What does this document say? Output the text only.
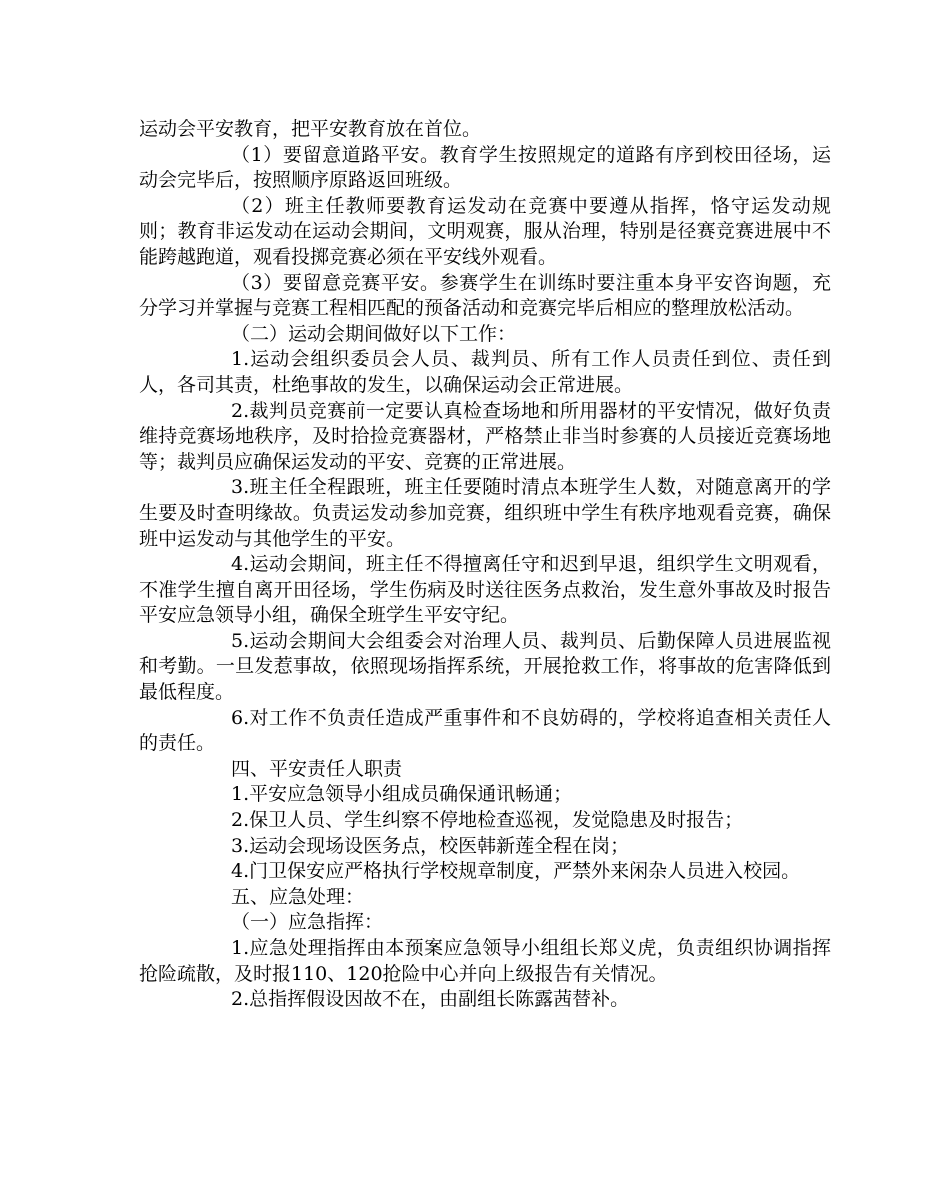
运动会平安教育，把平安教育放在首位。

（1）要留意道路平安。教育学生按照规定的道路有序到校田径场，运动会完毕后，按照顺序原路返回班级。

（2）班主任教师要教育运发动在竞赛中要遵从指挥，恪守运发动规则；教育非运发动在运动会期间，文明观赛，服从治理，特别是径赛竞赛进展中不能跨越跑道，观看投掷竞赛必须在平安线外观看。

（3）要留意竞赛平安。参赛学生在训练时要注重本身平安咨询题，充分学习并掌握与竞赛工程相匹配的预备活动和竞赛完毕后相应的整理放松活动。

（二）运动会期间做好以下工作：

1.运动会组织委员会人员、裁判员、所有工作人员责任到位、责任到人，各司其责，杜绝事故的发生，以确保运动会正常进展。

2.裁判员竞赛前一定要认真检查场地和所用器材的平安情况，做好负责维持竞赛场地秩序，及时拾捡竞赛器材，严格禁止非当时参赛的人员接近竞赛场地等；裁判员应确保运发动的平安、竞赛的正常进展。

3.班主任全程跟班，班主任要随时清点本班学生人数，对随意离开的学生要及时查明缘故。负责运发动参加竞赛，组织班中学生有秩序地观看竞赛，确保班中运发动与其他学生的平安。

4.运动会期间，班主任不得擅离任守和迟到早退，组织学生文明观看，不准学生擅自离开田径场，学生伤病及时送往医务点救治，发生意外事故及时报告平安应急领导小组，确保全班学生平安守纪。

5.运动会期间大会组委会对治理人员、裁判员、后勤保障人员进展监视和考勤。一旦发惹事故，依照现场指挥系统，开展抢救工作，将事故的危害降低到最低程度。

6.对工作不负责任造成严重事件和不良妨碍的，学校将追查相关责任人的责任。

四、平安责任人职责

1.平安应急领导小组成员确保通讯畅通；

2.保卫人员、学生纠察不停地检查巡视，发觉隐患及时报告；

3.运动会现场设医务点，校医韩新莲全程在岗；

4.门卫保安应严格执行学校规章制度，严禁外来闲杂人员进入校园。

五、应急处理：

（一）应急指挥：

1.应急处理指挥由本预案应急领导小组组长郑义虎，负责组织协调指挥抢险疏散，及时报110、120抢险中心并向上级报告有关情况。

2.总指挥假设因故不在，由副组长陈露茜替补。
